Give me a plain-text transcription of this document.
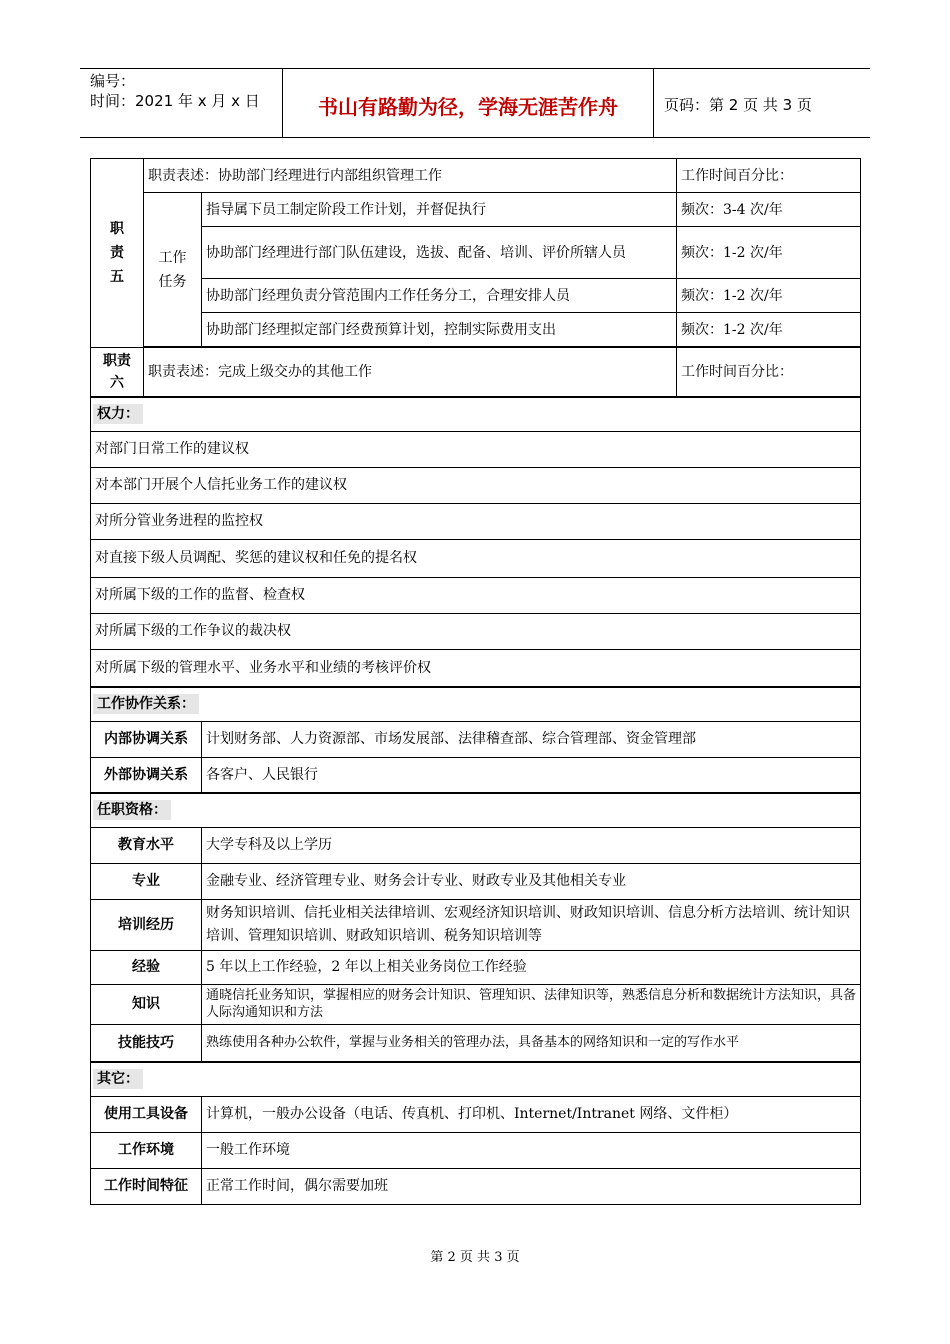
编号：
时间：2021 年 x 月 x 日	书山有路勤为径，学海无涯苦作舟	页码：第 2 页 共 3 页
职
责
五	职责表述：协助部门经理进行内部组织管理工作		工作时间百分比：
	工作
任务	指导属下员工制定阶段工作计划，并督促执行	频次：3-4 次/年
		协助部门经理进行部门队伍建设，选拔、配备、培训、评价所辖人员	频次：1-2 次/年
		协助部门经理负责分管范围内工作任务分工，合理安排人员	频次：1-2 次/年
		协助部门经理拟定部门经费预算计划，控制实际费用支出	频次：1-2 次/年

职责
六	职责表述：完成上级交办的其他工作		工作时间百分比：
权力：			
对部门日常工作的建议权			
对本部门开展个人信托业务工作的建议权			
对所分管业务进程的监控权			
对直接下级人员调配、奖惩的建议权和任免的提名权			
对所属下级的工作的监督、检查权			
对所属下级的工作争议的裁决权			
对所属下级的管理水平、业务水平和业绩的考核评价权			
工作协作关系：			
内部协调关系		计划财务部、人力资源部、市场发展部、法律稽查部、综合管理部、资金管理部	
外部协调关系		各客户、人民银行	
任职资格：			
教育水平		大学专科及以上学历	
专业		金融专业、经济管理专业、财务会计专业、财政专业及其他相关专业	
培训经历		财务知识培训、信托业相关法律培训、宏观经济知识培训、财政知识培训、信息分析方法培训、统计知识培训、管理知识培训、财政知识培训、税务知识培训等	
经验		5 年以上工作经验，2 年以上相关业务岗位工作经验	
知识		通晓信托业务知识，掌握相应的财务会计知识、管理知识、法律知识等，熟悉信息分析和数据统计方法知识，具备人际沟通知识和方法	
技能技巧		熟练使用各种办公软件，掌握与业务相关的管理办法，具备基本的网络知识和一定的写作水平	
其它：			
使用工具设备		计算机，一般办公设备（电话、传真机、打印机、Internet/Intranet 网络、文件柜）	
工作环境		一般工作环境	
工作时间特征		正常工作时间，偶尔需要加班	
第 2 页 共 3 页
